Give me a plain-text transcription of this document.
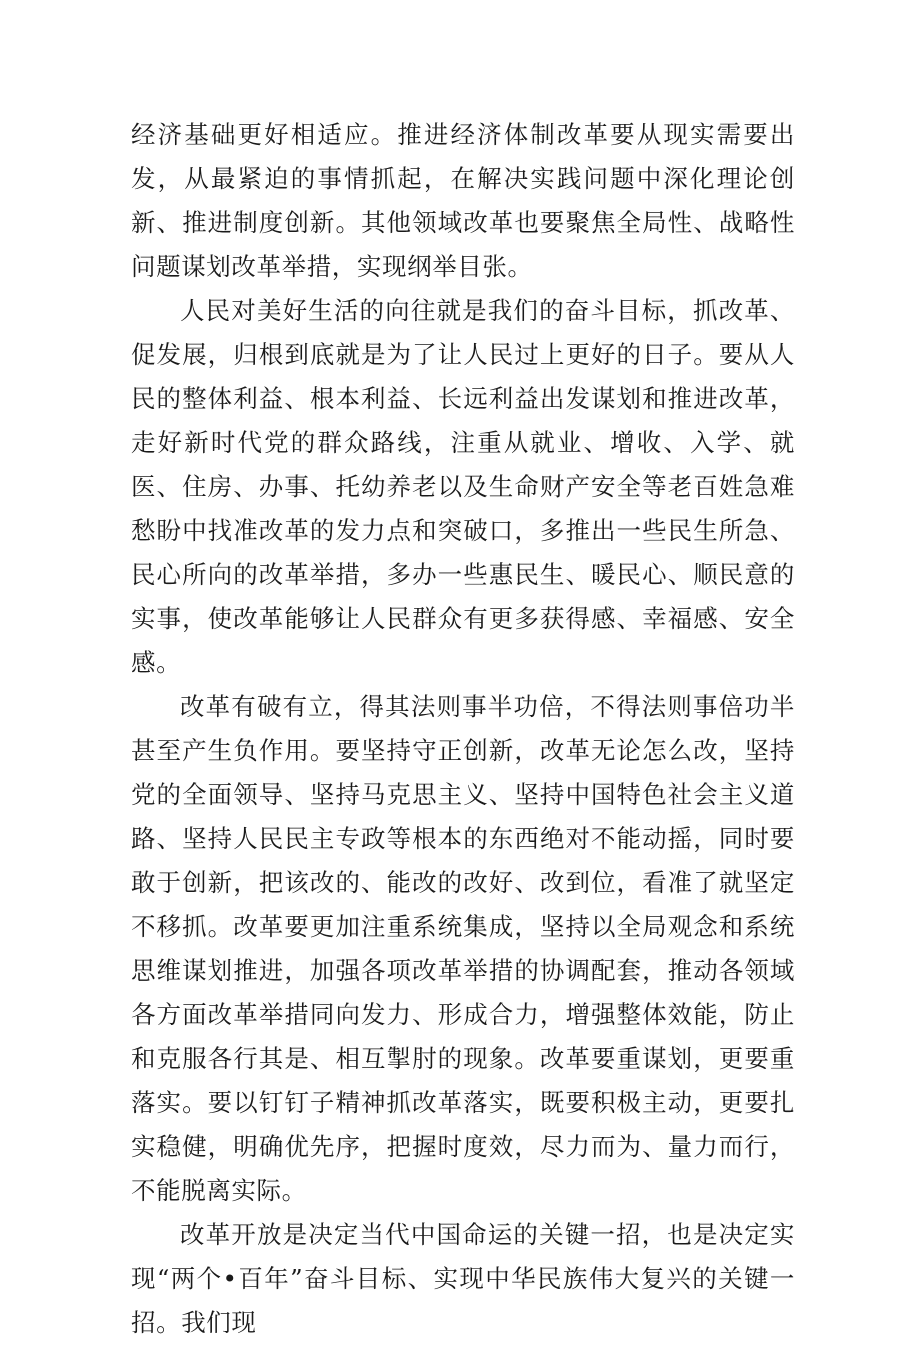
经济基础更好相适应。推进经济体制改革要从现实需要出发，从最紧迫的事情抓起，在解决实践问题中深化理论创新、推进制度创新。其他领域改革也要聚焦全局性、战略性问题谋划改革举措，实现纲举目张。

人民对美好生活的向往就是我们的奋斗目标，抓改革、促发展，归根到底就是为了让人民过上更好的日子。要从人民的整体利益、根本利益、长远利益出发谋划和推进改革，走好新时代党的群众路线，注重从就业、增收、入学、就医、住房、办事、托幼养老以及生命财产安全等老百姓急难愁盼中找准改革的发力点和突破口，多推出一些民生所急、民心所向的改革举措，多办一些惠民生、暖民心、顺民意的实事，使改革能够让人民群众有更多获得感、幸福感、安全感。

改革有破有立，得其法则事半功倍，不得法则事倍功半甚至产生负作用。要坚持守正创新，改革无论怎么改，坚持党的全面领导、坚持马克思主义、坚持中国特色社会主义道路、坚持人民民主专政等根本的东西绝对不能动摇，同时要敢于创新，把该改的、能改的改好、改到位，看准了就坚定不移抓。改革要更加注重系统集成，坚持以全局观念和系统思维谋划推进，加强各项改革举措的协调配套，推动各领域各方面改革举措同向发力、形成合力，增强整体效能，防止和克服各行其是、相互掣肘的现象。改革要重谋划，更要重落实。要以钉钉子精神抓改革落实，既要积极主动，更要扎实稳健，明确优先序，把握时度效，尽力而为、量力而行，不能脱离实际。

改革开放是决定当代中国命运的关键一招，也是决定实现“两个•百年”奋斗目标、实现中华民族伟大复兴的关键一招。我们现
